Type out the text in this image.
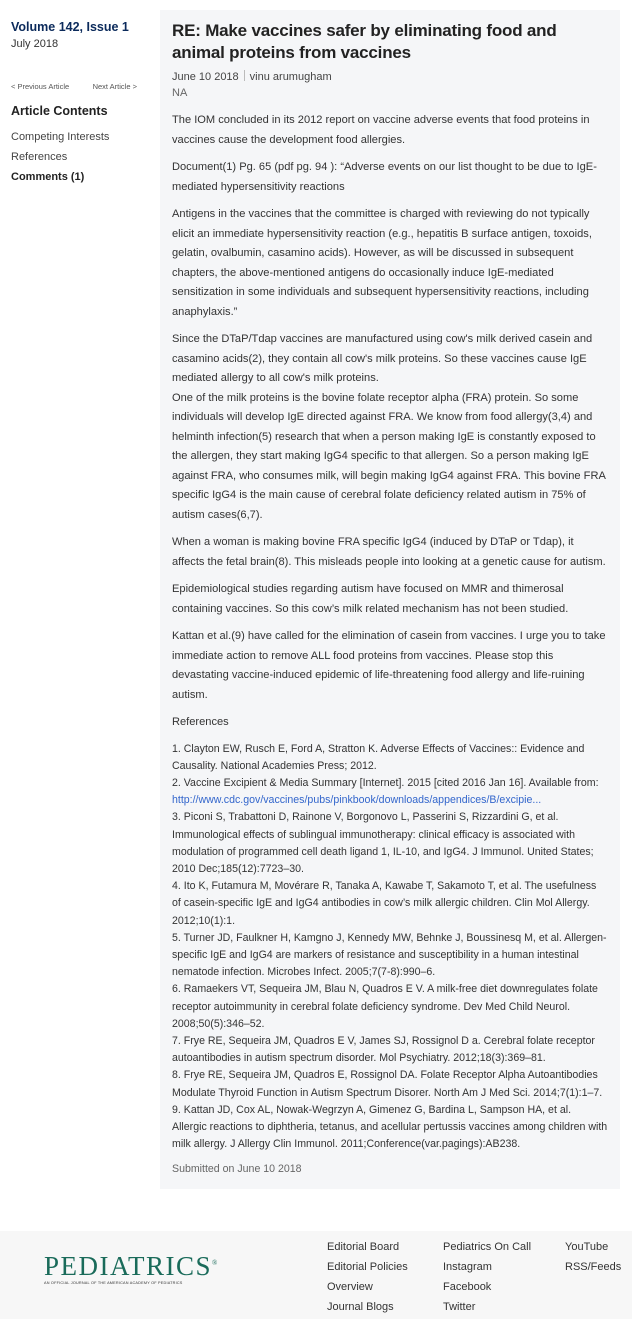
Volume 142, Issue 1
July 2018
< Previous Article	Next Article >
Article Contents
Competing Interests
References
Comments (1)
RE: Make vaccines safer by eliminating food and animal proteins from vaccines
June 10 2018 vinu arumugham
NA

The IOM concluded in its 2012 report on vaccine adverse events that food proteins in vaccines cause the development food allergies.

Document(1) Pg. 65 (pdf pg. 94 ): “Adverse events on our list thought to be due to IgE-mediated hypersensitivity reactions

Antigens in the vaccines that the committee is charged with reviewing do not typically elicit an immediate hypersensitivity reaction (e.g., hepatitis B surface antigen, toxoids, gelatin, ovalbumin, casamino acids). However, as will be discussed in subsequent chapters, the above-mentioned antigens do occasionally induce IgE-mediated sensitization in some individuals and subsequent hypersensitivity reactions, including anaphylaxis.”

Since the DTaP/Tdap vaccines are manufactured using cow's milk derived casein and casamino acids(2), they contain all cow's milk proteins. So these vaccines cause IgE mediated allergy to all cow's milk proteins.

One of the milk proteins is the bovine folate receptor alpha (FRA) protein. So some individuals will develop IgE directed against FRA. We know from food allergy(3,4) and helminth infection(5) research that when a person making IgE is constantly exposed to the allergen, they start making IgG4 specific to that allergen. So a person making IgE against FRA, who consumes milk, will begin making IgG4 against FRA. This bovine FRA specific IgG4 is the main cause of cerebral folate deficiency related autism in 75% of autism cases(6,7).

When a woman is making bovine FRA specific IgG4 (induced by DTaP or Tdap), it affects the fetal brain(8). This misleads people into looking at a genetic cause for autism.

Epidemiological studies regarding autism have focused on MMR and thimerosal containing vaccines. So this cow’s milk related mechanism has not been studied.

Kattan et al.(9) have called for the elimination of casein from vaccines. I urge you to take immediate action to remove ALL food proteins from vaccines. Please stop this devastating vaccine-induced epidemic of life-threatening food allergy and life-ruining autism.

References
1. Clayton EW, Rusch E, Ford A, Stratton K. Adverse Effects of Vaccines:: Evidence and Causality. National Academies Press; 2012.
2. Vaccine Excipient & Media Summary [Internet]. 2015 [cited 2016 Jan 16]. Available from:
http://www.cdc.gov/vaccines/pubs/pinkbook/downloads/appendices/B/excipie...
3. Piconi S, Trabattoni D, Rainone V, Borgonovo L, Passerini S, Rizzardini G, et al. Immunological effects of sublingual immunotherapy: clinical efficacy is associated with modulation of programmed cell death ligand 1, IL-10, and IgG4. J Immunol. United States; 2010 Dec;185(12):7723–30.
4. Ito K, Futamura M, Movérare R, Tanaka A, Kawabe T, Sakamoto T, et al. The usefulness of casein-specific IgE and IgG4 antibodies in cow’s milk allergic children. Clin Mol Allergy. 2012;10(1):1.
5. Turner JD, Faulkner H, Kamgno J, Kennedy MW, Behnke J, Boussinesq M, et al. Allergen-specific IgE and IgG4 are markers of resistance and susceptibility in a human intestinal nematode infection. Microbes Infect. 2005;7(7-8):990–6.
6. Ramaekers VT, Sequeira JM, Blau N, Quadros E V. A milk-free diet downregulates folate receptor autoimmunity in cerebral folate deficiency syndrome. Dev Med Child Neurol. 2008;50(5):346–52.
7. Frye RE, Sequeira JM, Quadros E V, James SJ, Rossignol D a. Cerebral folate receptor autoantibodies in autism spectrum disorder. Mol Psychiatry. 2012;18(3):369–81.
8. Frye RE, Sequeira JM, Quadros E, Rossignol DA. Folate Receptor Alpha Autoantibodies Modulate Thyroid Function in Autism Spectrum Disorer. North Am J Med Sci. 2014;7(1):1–7.
9. Kattan JD, Cox AL, Nowak-Wegrzyn A, Gimenez G, Bardina L, Sampson HA, et al. Allergic reactions to diphtheria, tetanus, and acellular pertussis vaccines among children with milk allergy. J Allergy Clin Immunol. 2011;Conference(var.pagings):AB238.
Submitted on June 10 2018
PEDIATRICS®
AN OFFICIAL JOURNAL OF THE AMERICAN ACADEMY OF PEDIATRICS
Editorial Board
Editorial Policies
Overview
Journal Blogs
Pediatrics On Call
Instagram
Facebook
Twitter
YouTube
RSS/Feeds
